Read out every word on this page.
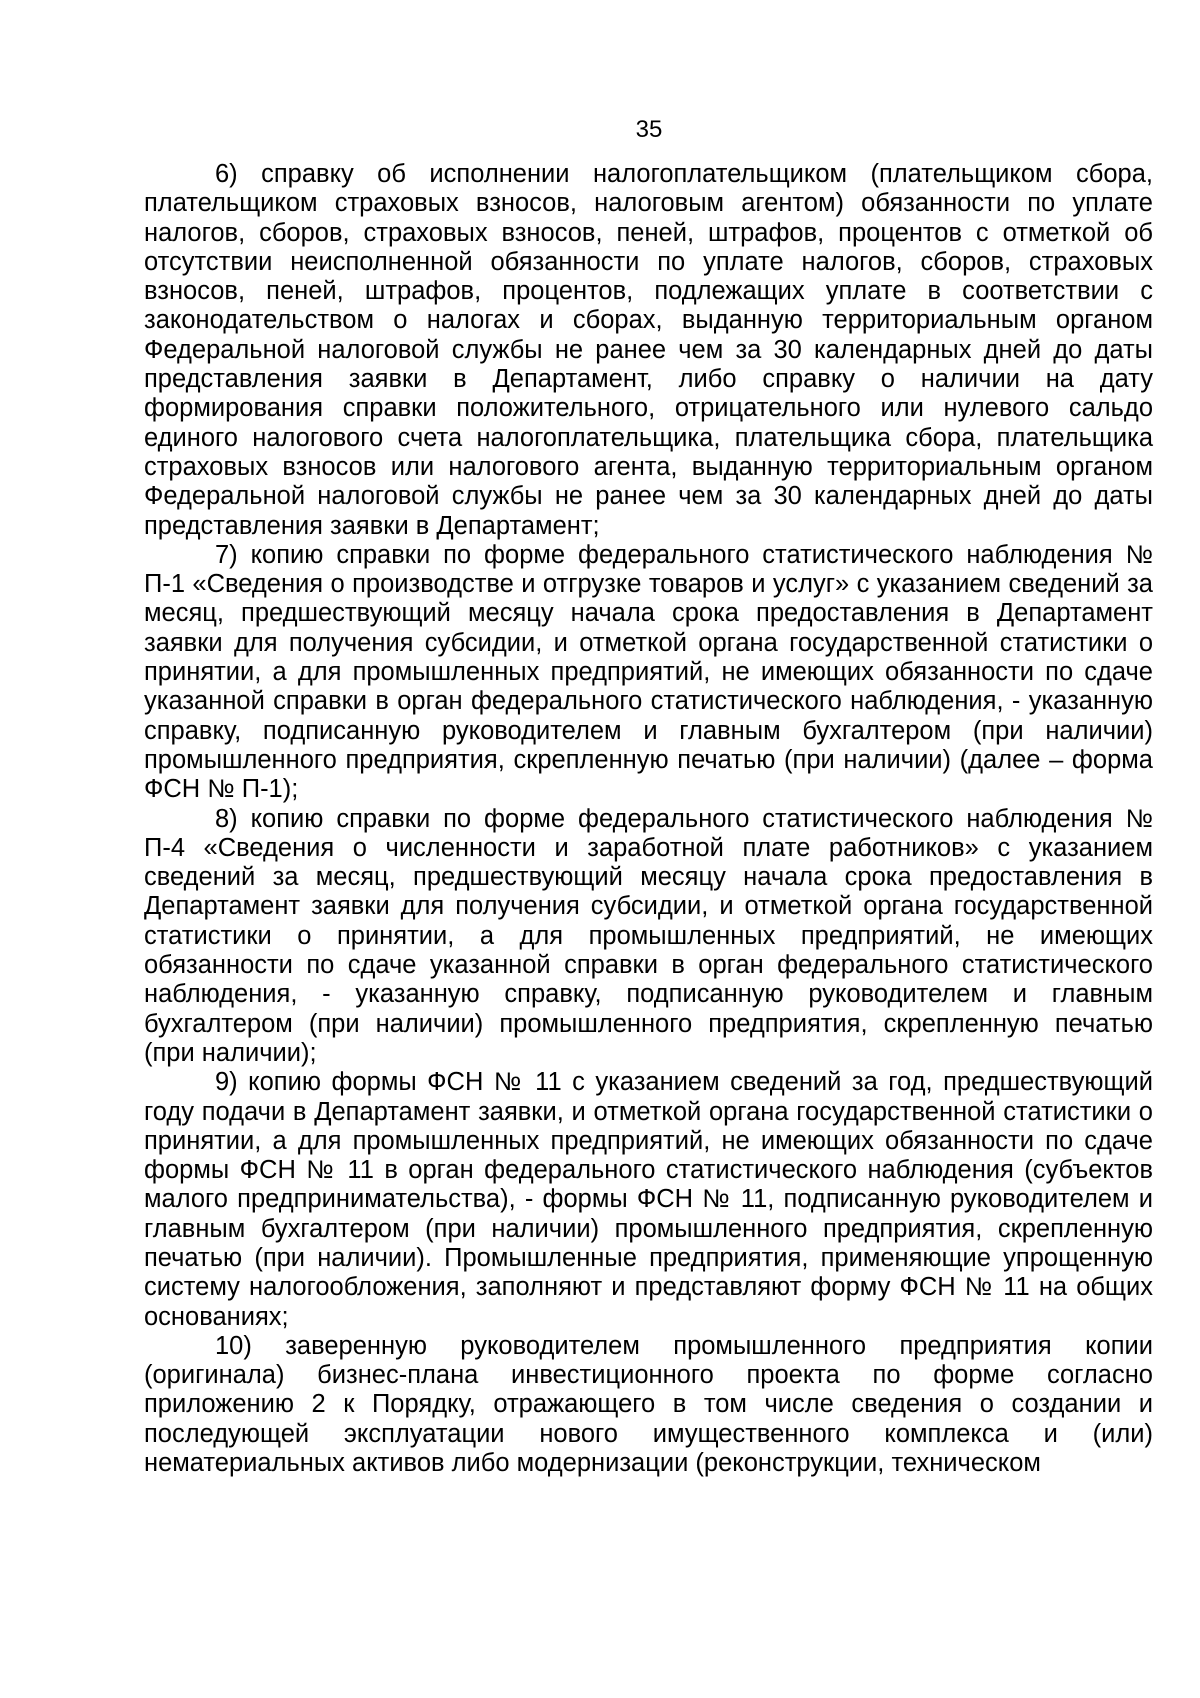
35

6) справку об исполнении налогоплательщиком (плательщиком сбора, плательщиком страховых взносов, налоговым агентом) обязанности по уплате налогов, сборов, страховых взносов, пеней, штрафов, процентов с отметкой об отсутствии неисполненной обязанности по уплате налогов, сборов, страховых взносов, пеней, штрафов, процентов, подлежащих уплате в соответствии с законодательством о налогах и сборах, выданную территориальным органом Федеральной налоговой службы не ранее чем за 30 календарных дней до даты представления заявки в Департамент, либо справку о наличии на дату формирования справки положительного, отрицательного или нулевого сальдо единого налогового счета налогоплательщика, плательщика сбора, плательщика страховых взносов или налогового агента, выданную территориальным органом Федеральной налоговой службы не ранее чем за 30 календарных дней до даты представления заявки в Департамент;

7) копию справки по форме федерального статистического наблюдения № П-1 «Сведения о производстве и отгрузке товаров и услуг» с указанием сведений за месяц, предшествующий месяцу начала срока предоставления в Департамент заявки для получения субсидии, и отметкой органа государственной статистики о принятии, а для промышленных предприятий, не имеющих обязанности по сдаче указанной справки в орган федерального статистического наблюдения, - указанную справку, подписанную руководителем и главным бухгалтером (при наличии) промышленного предприятия, скрепленную печатью (при наличии) (далее – форма ФСН № П-1);

8) копию справки по форме федерального статистического наблюдения № П-4 «Сведения о численности и заработной плате работников» с указанием сведений за месяц, предшествующий месяцу начала срока предоставления в Департамент заявки для получения субсидии, и отметкой органа государственной статистики о принятии, а для промышленных предприятий, не имеющих обязанности по сдаче указанной справки в орган федерального статистического наблюдения, - указанную справку, подписанную руководителем и главным бухгалтером (при наличии) промышленного предприятия, скрепленную печатью (при наличии);

9) копию формы ФСН № 11 с указанием сведений за год, предшествующий году подачи в Департамент заявки, и отметкой органа государственной статистики о принятии, а для промышленных предприятий, не имеющих обязанности по сдаче формы ФСН № 11 в орган федерального статистического наблюдения (субъектов малого предпринимательства), - формы ФСН № 11, подписанную руководителем и главным бухгалтером (при наличии) промышленного предприятия, скрепленную печатью (при наличии). Промышленные предприятия, применяющие упрощенную систему налогообложения, заполняют и представляют форму ФСН № 11 на общих основаниях;

10) заверенную руководителем промышленного предприятия копии (оригинала) бизнес-плана инвестиционного проекта по форме согласно приложению 2 к Порядку, отражающего в том числе сведения о создании и последующей эксплуатации нового имущественного комплекса и (или) нематериальных активов либо модернизации (реконструкции, техническом
